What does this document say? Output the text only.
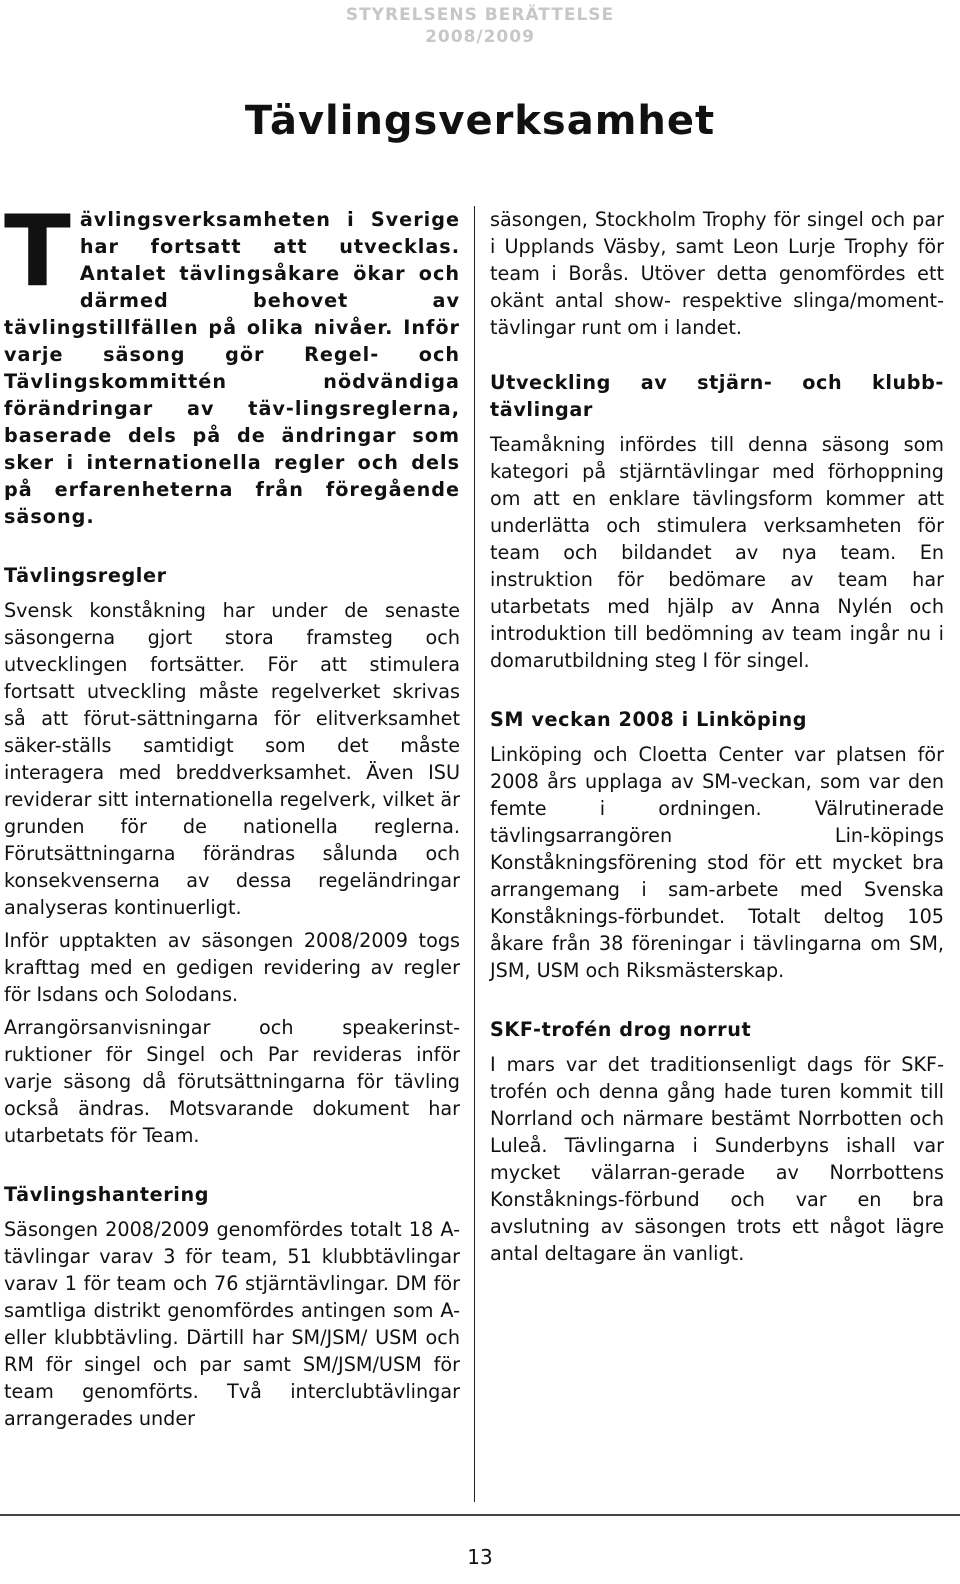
STYRELSENS BERÄTTELSE
2008/2009
Tävlingsverksamhet

Tävlingsverksamheten i Sverige har fortsatt att utvecklas. Antalet tävlingsåkare ökar och därmed behovet av tävlingstillfällen på olika nivåer. Inför varje säsong gör Regel- och Tävlingskommittén nödvändiga förändringar av täv-lingsreglerna, baserade dels på de ändringar som sker i internationella regler och dels på erfarenheterna från föregående säsong.

Tävlingsregler

Svensk konståkning har under de senaste säsongerna gjort stora framsteg och utvecklingen fortsätter. För att stimulera fortsatt utveckling måste regelverket skrivas så att förut-sättningarna för elitverksamhet säker-ställs samtidigt som det måste interagera med breddverksamhet. Även ISU reviderar sitt internationella regelverk, vilket är grunden för de nationella reglerna. Förutsättningarna förändras sålunda och konsekvenserna av dessa regeländringar analyseras kontinuerligt.

Inför upptakten av säsongen 2008/2009 togs krafttag med en gedigen revidering av regler för Isdans och Solodans.

Arrangörsanvisningar och speakerinst-ruktioner för Singel och Par revideras inför varje säsong då förutsättningarna för tävling också ändras. Motsvarande dokument har utarbetats för Team.

Tävlingshantering

Säsongen 2008/2009 genomfördes totalt 18 A-tävlingar varav 3 för team, 51 klubbtävlingar varav 1 för team och 76 stjärntävlingar. DM för samtliga distrikt genomfördes antingen som A-eller klubbtävling. Därtill har SM/JSM/ USM och RM för singel och par samt SM/JSM/USM för team genomförts. Två interclubtävlingar arrangerades under

säsongen, Stockholm Trophy för singel och par i Upplands Väsby, samt Leon Lurje Trophy för team i Borås. Utöver detta genomfördes ett okänt antal show- respektive slinga/moment-tävlingar runt om i landet.

Utveckling av stjärn- och klubb-tävlingar

Teamåkning infördes till denna säsong som kategori på stjärntävlingar med förhoppning om att en enklare tävlingsform kommer att underlätta och stimulera verksamheten för team och bildandet av nya team. En instruktion för bedömare av team har utarbetats med hjälp av Anna Nylén och introduktion till bedömning av team ingår nu i domarutbildning steg I för singel.

SM veckan 2008 i Linköping

Linköping och Cloetta Center var platsen för 2008 års upplaga av SM-veckan, som var den femte i ordningen. Välrutinerade tävlingsarrangören Lin-köpings Konståkningsförening stod för ett mycket bra arrangemang i sam-arbete med Svenska Konståknings-förbundet. Totalt deltog 105 åkare från 38 föreningar i tävlingarna om SM, JSM, USM och Riksmästerskap.

SKF-trofén drog norrut

I mars var det traditionsenligt dags för SKF-trofén och denna gång hade turen kommit till Norrland och närmare bestämt Norrbotten och Luleå. Tävlingarna i Sunderbyns ishall var mycket välarran-gerade av Norrbottens Konståknings-förbund och var en bra avslutning av säsongen trots ett något lägre antal deltagare än vanligt.

13
